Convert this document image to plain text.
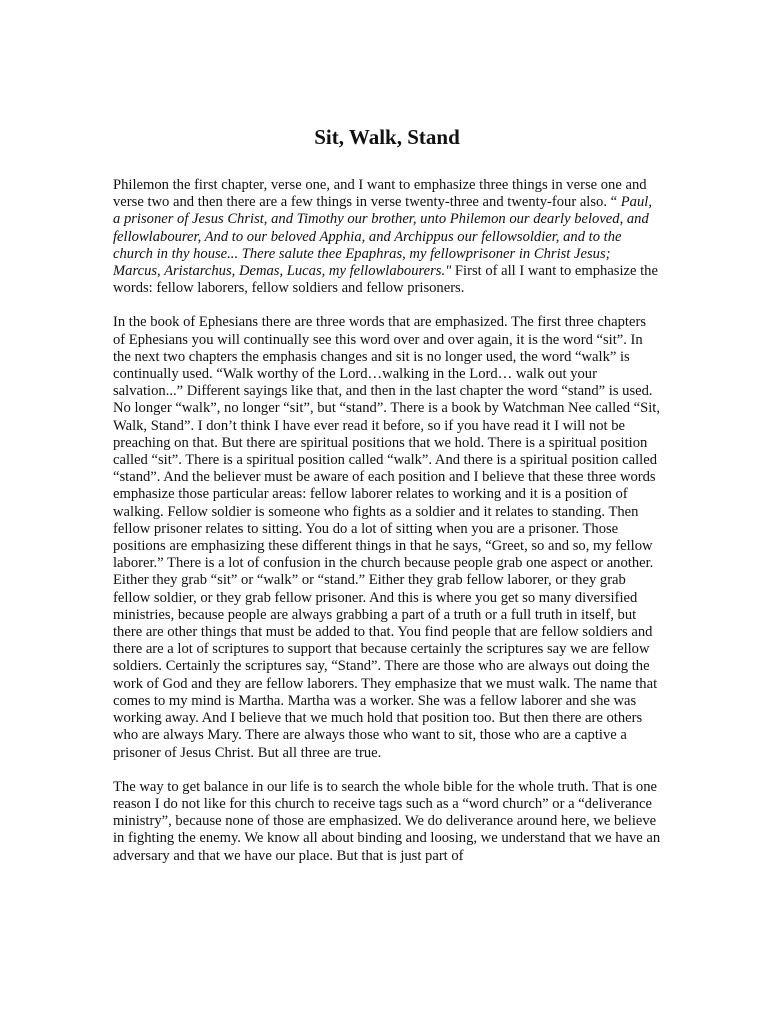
Sit, Walk, Stand

Philemon the first chapter, verse one, and I want to emphasize three things in verse one and verse two and then there are a few things in verse twenty-three and twenty-four also. “ Paul, a prisoner of Jesus Christ, and Timothy our brother, unto Philemon our dearly beloved, and fellowlabourer, And to our beloved Apphia, and Archippus our fellowsoldier, and to the church in thy house... There salute thee Epaphras, my fellowprisoner in Christ Jesus; Marcus, Aristarchus, Demas, Lucas, my fellowlabourers." First of all I want to emphasize the words: fellow laborers, fellow soldiers and fellow prisoners.

In the book of Ephesians there are three words that are emphasized. The first three chapters of Ephesians you will continually see this word over and over again, it is the word “sit”. In the next two chapters the emphasis changes and sit is no longer used, the word “walk” is continually used. “Walk worthy of the Lord…walking in the Lord… walk out your salvation...” Different sayings like that, and then in the last chapter the word “stand” is used. No longer “walk”, no longer “sit”, but “stand”. There is a book by Watchman Nee called “Sit, Walk, Stand”. I don’t think I have ever read it before, so if you have read it I will not be preaching on that. But there are spiritual positions that we hold. There is a spiritual position called “sit”. There is a spiritual position called “walk”. And there is a spiritual position called “stand”. And the believer must be aware of each position and I believe that these three words emphasize those particular areas: fellow laborer relates to working and it is a position of walking. Fellow soldier is someone who fights as a soldier and it relates to standing. Then fellow prisoner relates to sitting. You do a lot of sitting when you are a prisoner. Those positions are emphasizing these different things in that he says, “Greet, so and so, my fellow laborer.” There is a lot of confusion in the church because people grab one aspect or another. Either they grab “sit” or “walk” or “stand.” Either they grab fellow laborer, or they grab fellow soldier, or they grab fellow prisoner. And this is where you get so many diversified ministries, because people are always grabbing a part of a truth or a full truth in itself, but there are other things that must be added to that. You find people that are fellow soldiers and there are a lot of scriptures to support that because certainly the scriptures say we are fellow soldiers. Certainly the scriptures say, “Stand”. There are those who are always out doing the work of God and they are fellow laborers. They emphasize that we must walk. The name that comes to my mind is Martha. Martha was a worker. She was a fellow laborer and she was working away. And I believe that we much hold that position too. But then there are others who are always Mary. There are always those who want to sit, those who are a captive a prisoner of Jesus Christ. But all three are true.

The way to get balance in our life is to search the whole bible for the whole truth. That is one reason I do not like for this church to receive tags such as a “word church” or a “deliverance ministry”, because none of those are emphasized. We do deliverance around here, we believe in fighting the enemy. We know all about binding and loosing, we understand that we have an adversary and that we have our place. But that is just part of
